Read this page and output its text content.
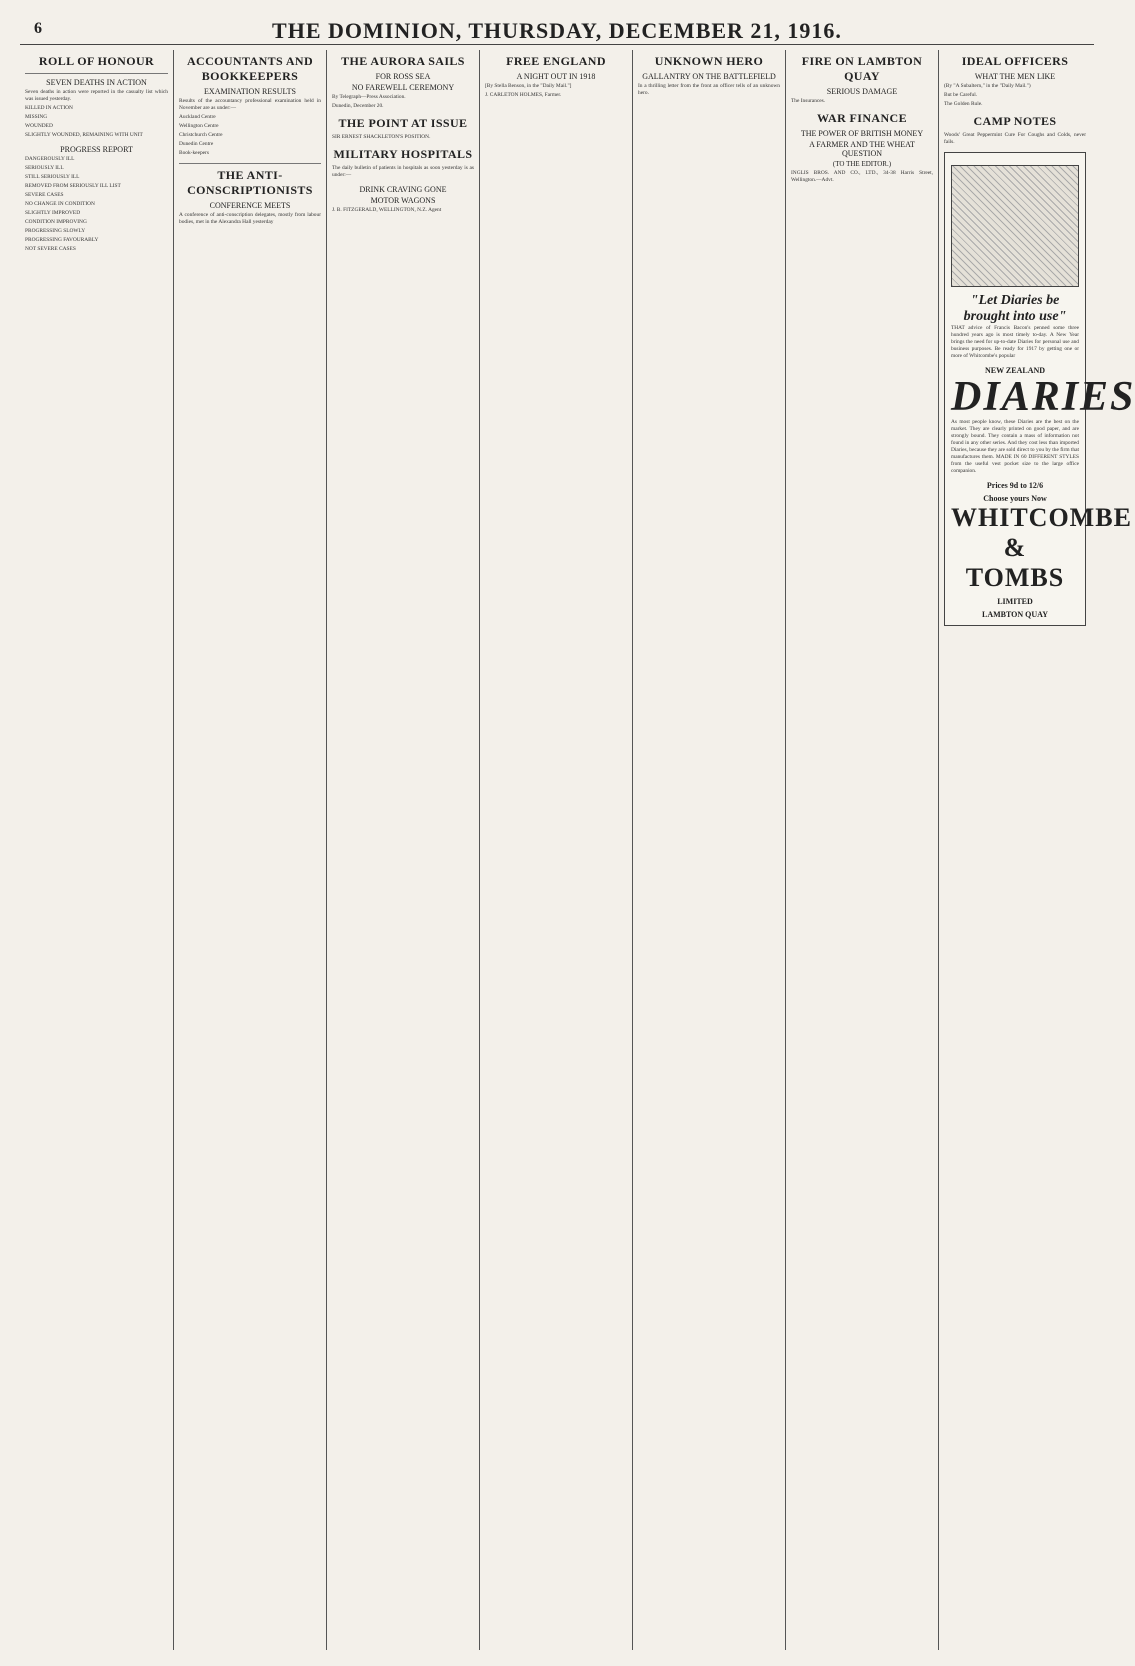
6	THE DOMINION, THURSDAY, DECEMBER 21, 1916.
ROLL OF HONOUR
SEVEN DEATHS IN ACTION

Seven deaths in action were reported in the casualty list which was issued yesterday.

KILLED IN ACTION

MISSING

WOUNDED

SLIGHTLY WOUNDED, REMAINING WITH UNIT

PROGRESS REPORT

DANGEROUSLY ILL

SERIOUSLY ILL

STILL SERIOUSLY ILL

REMOVED FROM SERIOUSLY ILL LIST

SEVERE CASES

NO CHANGE IN CONDITION

SLIGHTLY IMPROVED

CONDITION IMPROVING

PROGRESSING SLOWLY

PROGRESSING FAVOURABLY

NOT SEVERE CASES

ACCOUNTANTS AND BOOKKEEPERS
EXAMINATION RESULTS

Results of the accountancy professional examination held in November are as under:—

Auckland Centre

Wellington Centre

Christchurch Centre

Dunedin Centre

Book-keepers

THE ANTI-CONSCRIPTIONISTS
CONFERENCE MEETS

A conference of anti-conscription delegates, mostly from labour bodies, met in the Alexandra Hall yesterday

THE AURORA SAILS
FOR ROSS SEA
NO FAREWELL CEREMONY

By Telegraph—Press Association.

Dunedin, December 20.

THE POINT AT ISSUE

SIR ERNEST SHACKLETON'S POSITION.

MILITARY HOSPITALS

The daily bulletin of patients in hospitals as soon yesterday is as under:—

DRINK CRAVING GONE
MOTOR WAGONS

J. B. FITZGERALD, WELLINGTON, N.Z. Agent

FREE ENGLAND
A NIGHT OUT IN 1918

[By Stella Benson, in the "Daily Mail."]

J. CARLETON HOLMES, Farmer.

UNKNOWN HERO
GALLANTRY ON THE BATTLEFIELD

In a thrilling letter from the front an officer tells of an unknown hero.

FIRE ON LAMBTON QUAY
SERIOUS DAMAGE

The Insurances.

WAR FINANCE
THE POWER OF BRITISH MONEY
A FARMER AND THE WHEAT QUESTION
(TO THE EDITOR.)

INGLIS BROS. AND CO., LTD., 34-38 Harris Street, Wellington.—Advt.

IDEAL OFFICERS
WHAT THE MEN LIKE

(By "A Subaltern," in the "Daily Mail.")

But be Careful.

The Golden Rule.

CAMP NOTES

Woods' Great Peppermint Cure For Coughs and Colds, never fails.

"Let Diaries be brought into use"
THAT advice of Francis Bacon's penned some three hundred years ago is most timely to-day. A New Year brings the need for up-to-date Diaries for personal use and business purposes. Be ready for 1917 by getting one or more of Whitcombe's popular
NEW ZEALAND
DIARIES
As most people know, these Diaries are the best on the market. They are clearly printed on good paper, and are strongly bound. They contain a mass of information not found in any other series. And they cost less than imported Diaries, because they are sold direct to you by the firm that manufactures them. MADE IN 60 DIFFERENT STYLES from the useful vest pocket size to the large office companion.
Prices 9d to 12/6
Choose yours Now
WHITCOMBE & TOMBS
LIMITED
LAMBTON QUAY
